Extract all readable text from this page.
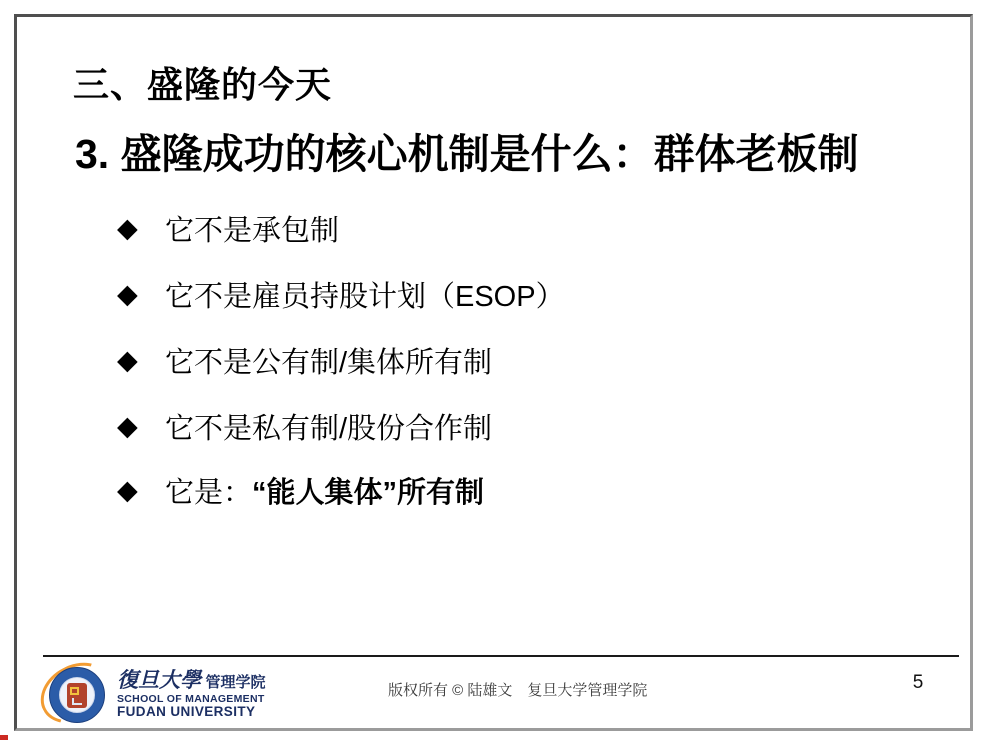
三、盛隆的今天
3. 盛隆成功的核心机制是什么：群体老板制
◆ 它不是承包制
◆ 它不是雇员持股计划（ESOP）
◆ 它不是公有制/集体所有制
◆ 它不是私有制/股份合作制
◆ 它是： “能人集体”所有制
復旦大學 管理学院
SCHOOL OF MANAGEMENT
FUDAN UNIVERSITY
版权所有 © 陆雄文　复旦大学管理学院	5
